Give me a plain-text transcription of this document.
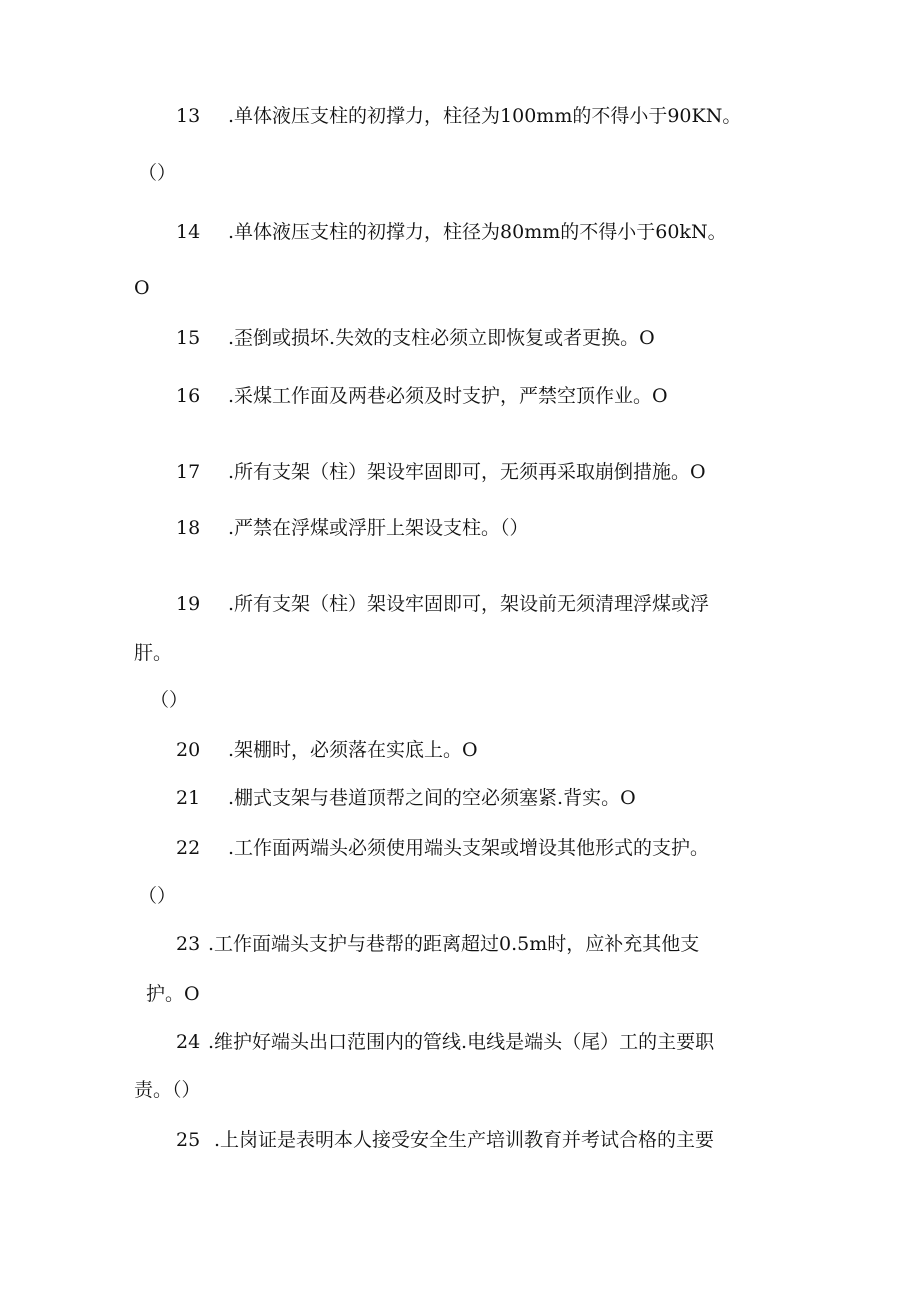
13 .单体液压支柱的初撑力，柱径为100mm的不得小于90KN。
（）
14 .单体液压支柱的初撑力，柱径为80mm的不得小于60kN。
O
15 .歪倒或损坏.失效的支柱必须立即恢复或者更换。O
16 .采煤工作面及两巷必须及时支护，严禁空顶作业。O
17 .所有支架（柱）架设牢固即可，无须再采取崩倒措施。O
18 .严禁在浮煤或浮肝上架设支柱。（）
19 .所有支架（柱）架设牢固即可，架设前无须清理浮煤或浮
肝。
（）
20 .架棚时，必须落在实底上。O
21 .棚式支架与巷道顶帮之间的空必须塞紧.背实。O
22 .工作面两端头必须使用端头支架或增设其他形式的支护。
（）
23 .工作面端头支护与巷帮的距离超过0.5m时，应补充其他支
护。O
24 .维护好端头出口范围内的管线.电线是端头（尾）工的主要职
责。（）
25 .上岗证是表明本人接受安全生产培训教育并考试合格的主要
